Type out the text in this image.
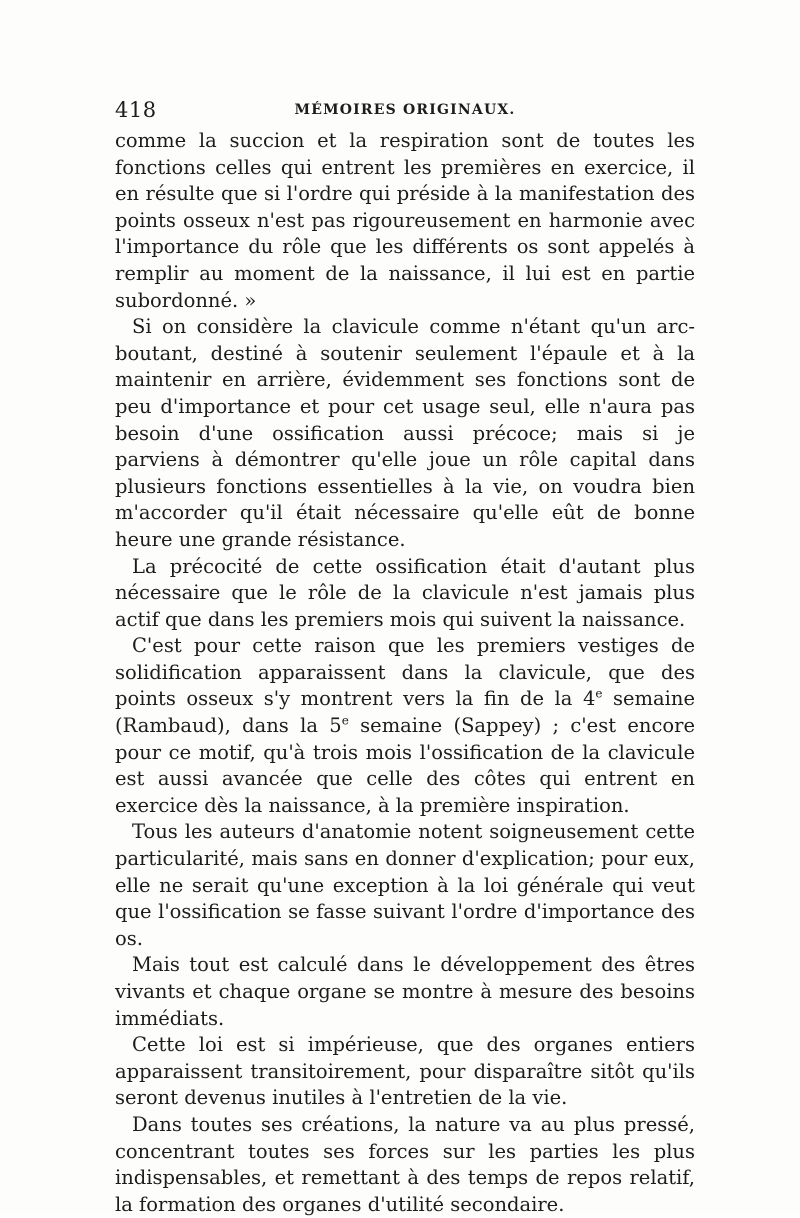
418	MÉMOIRES ORIGINAUX.

comme la succion et la respiration sont de toutes les fonctions celles qui entrent les premières en exercice, il en résulte que si l'ordre qui préside à la manifestation des points osseux n'est pas rigoureusement en harmonie avec l'importance du rôle que les différents os sont appelés à remplir au moment de la naissance, il lui est en partie subordonné. »

Si on considère la clavicule comme n'étant qu'un arc-boutant, destiné à soutenir seulement l'épaule et à la maintenir en arrière, évidemment ses fonctions sont de peu d'importance et pour cet usage seul, elle n'aura pas besoin d'une ossification aussi précoce; mais si je parviens à démontrer qu'elle joue un rôle capital dans plusieurs fonctions essentielles à la vie, on voudra bien m'accorder qu'il était nécessaire qu'elle eût de bonne heure une grande résistance.

La précocité de cette ossification était d'autant plus nécessaire que le rôle de la clavicule n'est jamais plus actif que dans les premiers mois qui suivent la naissance.

C'est pour cette raison que les premiers vestiges de solidification apparaissent dans la clavicule, que des points osseux s'y montrent vers la fin de la 4e semaine (Rambaud), dans la 5e semaine (Sappey) ; c'est encore pour ce motif, qu'à trois mois l'ossification de la clavicule est aussi avancée que celle des côtes qui entrent en exercice dès la naissance, à la première inspiration.

Tous les auteurs d'anatomie notent soigneusement cette particularité, mais sans en donner d'explication; pour eux, elle ne serait qu'une exception à la loi générale qui veut que l'ossification se fasse suivant l'ordre d'importance des os.

Mais tout est calculé dans le développement des êtres vivants et chaque organe se montre à mesure des besoins immédiats.

Cette loi est si impérieuse, que des organes entiers apparaissent transitoirement, pour disparaître sitôt qu'ils seront devenus inutiles à l'entretien de la vie.

Dans toutes ses créations, la nature va au plus pressé, concentrant toutes ses forces sur les parties les plus indispensables, et remettant à des temps de repos relatif, la formation des organes d'utilité secondaire.
